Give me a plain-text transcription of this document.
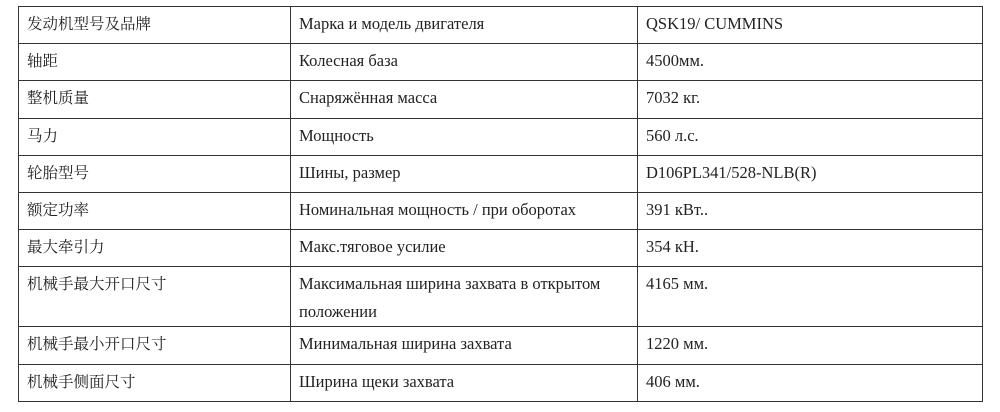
发动机型号及品牌	Марка и модель двигателя	QSK19/ CUMMINS

轴距	Колесная база	4500мм.

整机质量	Снаряжённая масса	7032 кг.

马力	Мощность	560 л.с.

轮胎型号	Шины, размер	D106PL341/528-NLB(R)

额定功率	Номинальная мощность / при оборотах	391 кВт..

最大牵引力	Макс.тяговое усилие	354 кН.

机械手最大开口尺寸	Максимальная ширина захвата в открытом положении	4165 мм.

机械手最小开口尺寸	Минимальная ширина захвата	1220 мм.

机械手侧面尺寸	Ширина щеки захвата	406 мм.
